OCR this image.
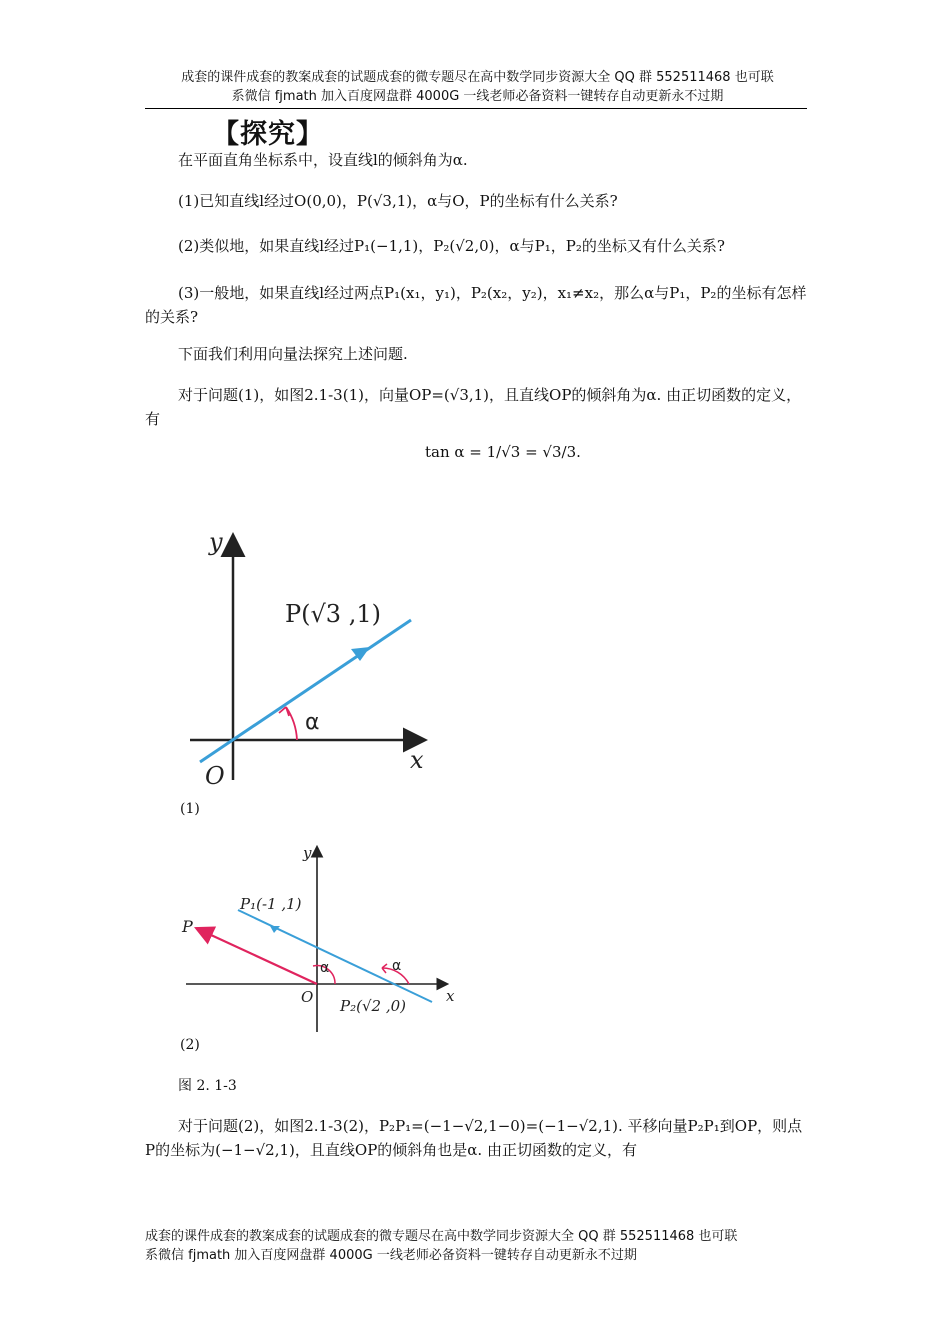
成套的课件成套的教案成套的试题成套的微专题尽在高中数学同步资源大全 QQ 群 552511468 也可联
系微信 fjmath 加入百度网盘群 4000G 一线老师必备资料一键转存自动更新永不过期
【探究】
在平面直角坐标系中，设直线l的倾斜角为α.
(1)已知直线l经过O(0,0)，P(√3,1)，α与O，P的坐标有什么关系?
(2)类似地，如果直线l经过P₁(−1,1)，P₂(√2,0)，α与P₁，P₂的坐标又有什么关系?
(3)一般地，如果直线l经过两点P₁(x₁，y₁)，P₂(x₂，y₂)，x₁≠x₂，那么α与P₁，P₂的坐标有怎样的关系?
下面我们利用向量法探究上述问题.
对于问题(1)，如图2.1-3(1)，向量OP=(√3,1)，且直线OP的倾斜角为α. 由正切函数的定义，有
tan α = 1/√3 = √3/3.
y
x
O
P(√3 ,1)
α
(1)
y
x
O
P
P₁(-1 ,1)
P₂(√2 ,0)
α	α
(2)
图 2. 1-3
对于问题(2)，如图2.1-3(2)，P₂P₁=(−1−√2,1−0)=(−1−√2,1). 平移向量P₂P₁到OP，则点P的坐标为(−1−√2,1)，且直线OP的倾斜角也是α. 由正切函数的定义，有
成套的课件成套的教案成套的试题成套的微专题尽在高中数学同步资源大全 QQ 群 552511468 也可联
系微信 fjmath 加入百度网盘群 4000G 一线老师必备资料一键转存自动更新永不过期
